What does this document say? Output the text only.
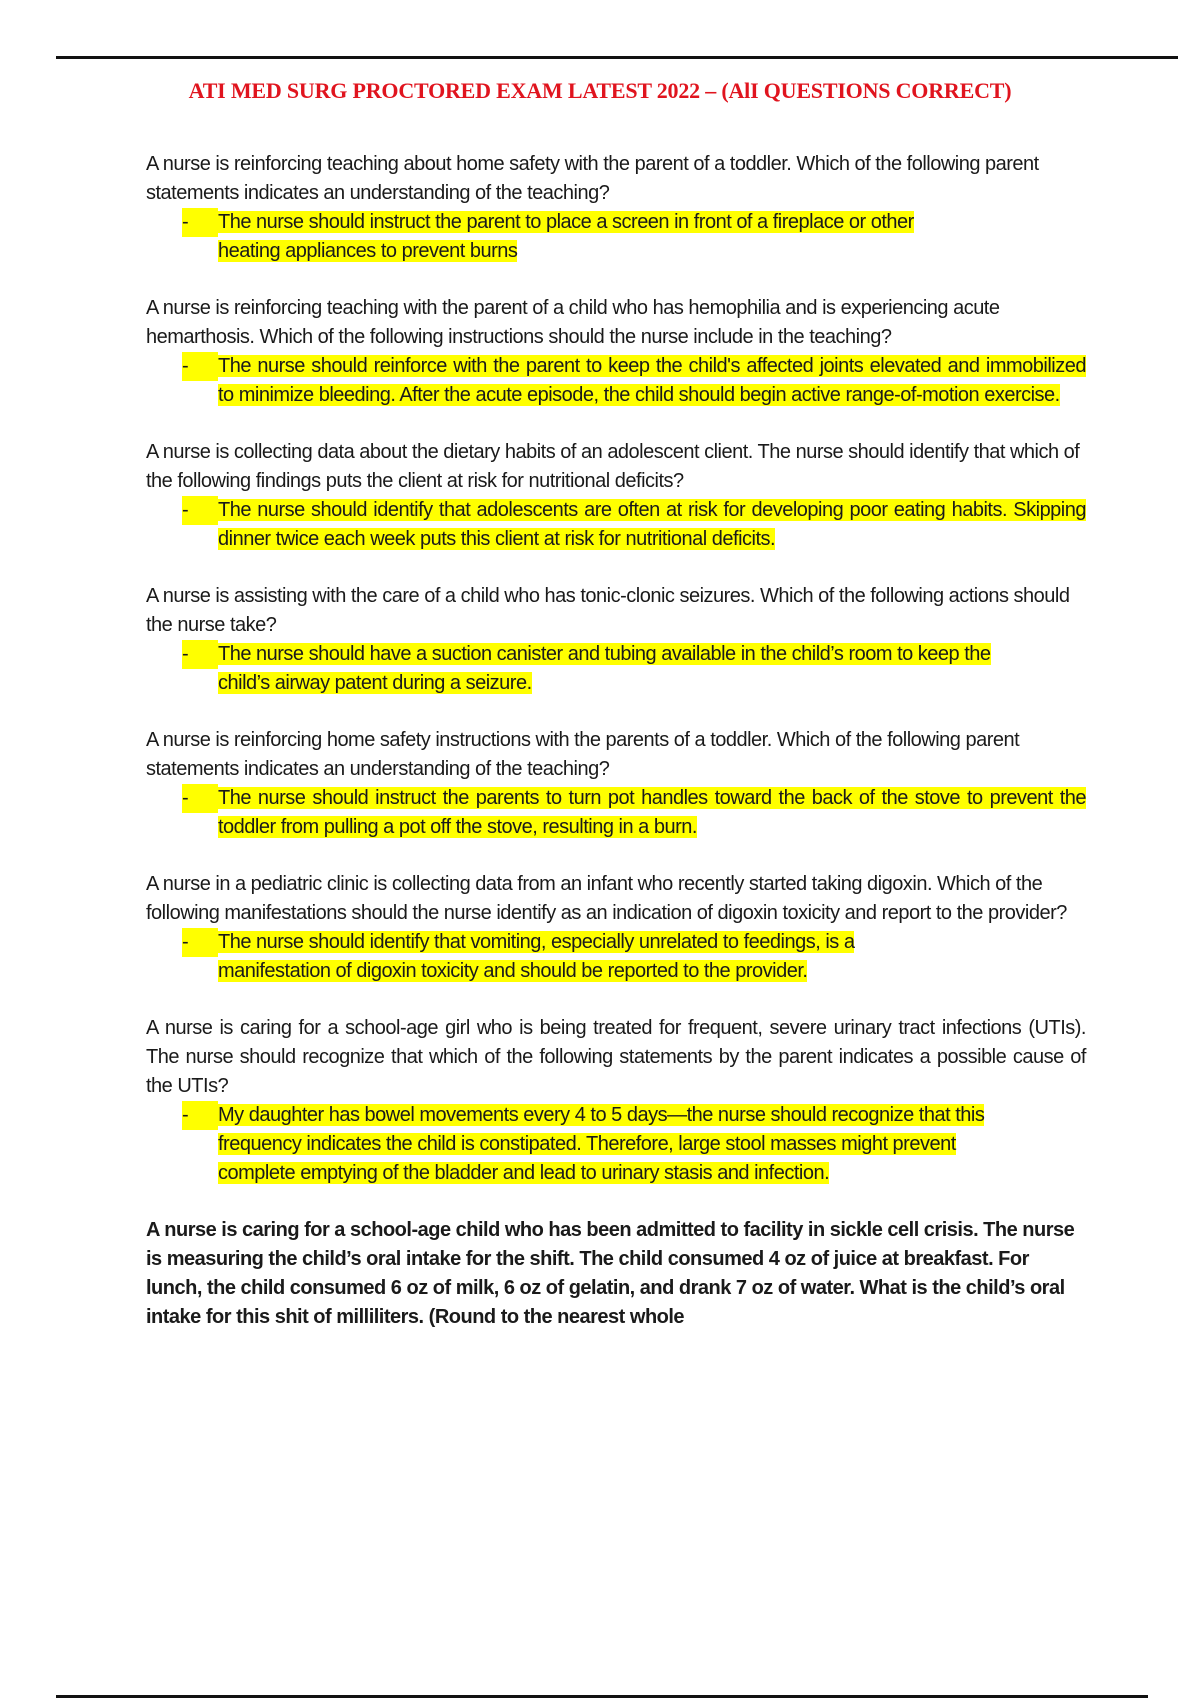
ATI MED SURG PROCTORED EXAM LATEST 2022 – (AlI QUESTIONS CORRECT)

A nurse is reinforcing teaching about home safety with the parent of a toddler. Which of the following parent statements indicates an understanding of the teaching?

-	The nurse should instruct the parent to place a screen in front of a fireplace or other heating appliances to prevent burns

A nurse is reinforcing teaching with the parent of a child who has hemophilia and is experiencing acute hemarthosis. Which of the following instructions should the nurse include in the teaching?

-	The nurse should reinforce with the parent to keep the child's affected joints elevated and immobilized to minimize bleeding. After the acute episode, the child should begin active range-of-motion exercise.

A nurse is collecting data about the dietary habits of an adolescent client. The nurse should identify that which of the following findings puts the client at risk for nutritional deficits?

-	The nurse should identify that adolescents are often at risk for developing poor eating habits. Skipping dinner twice each week puts this client at risk for nutritional deficits.

A nurse is assisting with the care of a child who has tonic-clonic seizures. Which of the following actions should the nurse take?

-	The nurse should have a suction canister and tubing available in the child’s room to keep the child’s airway patent during a seizure.

A nurse is reinforcing home safety instructions with the parents of a toddler. Which of the following parent statements indicates an understanding of the teaching?

-	The nurse should instruct the parents to turn pot handles toward the back of the stove to prevent the toddler from pulling a pot off the stove, resulting in a burn.

A nurse in a pediatric clinic is collecting data from an infant who recently started taking digoxin. Which of the following manifestations should the nurse identify as an indication of digoxin toxicity and report to the provider?

-	The nurse should identify that vomiting, especially unrelated to feedings, is a manifestation of digoxin toxicity and should be reported to the provider.

A nurse is caring for a school-age girl who is being treated for frequent, severe urinary tract infections (UTIs). The nurse should recognize that which of the following statements by the parent indicates a possible cause of the UTIs?

-	My daughter has bowel movements every 4 to 5 days—the nurse should recognize that this frequency indicates the child is constipated. Therefore, large stool masses might prevent complete emptying of the bladder and lead to urinary stasis and infection.

A nurse is caring for a school-age child who has been admitted to facility in sickle cell crisis. The nurse is measuring the child’s oral intake for the shift. The child consumed 4 oz of juice at breakfast. For lunch, the child consumed 6 oz of milk, 6 oz of gelatin, and drank 7 oz of water. What is the child’s oral intake for this shit of milliliters. (Round to the nearest whole
